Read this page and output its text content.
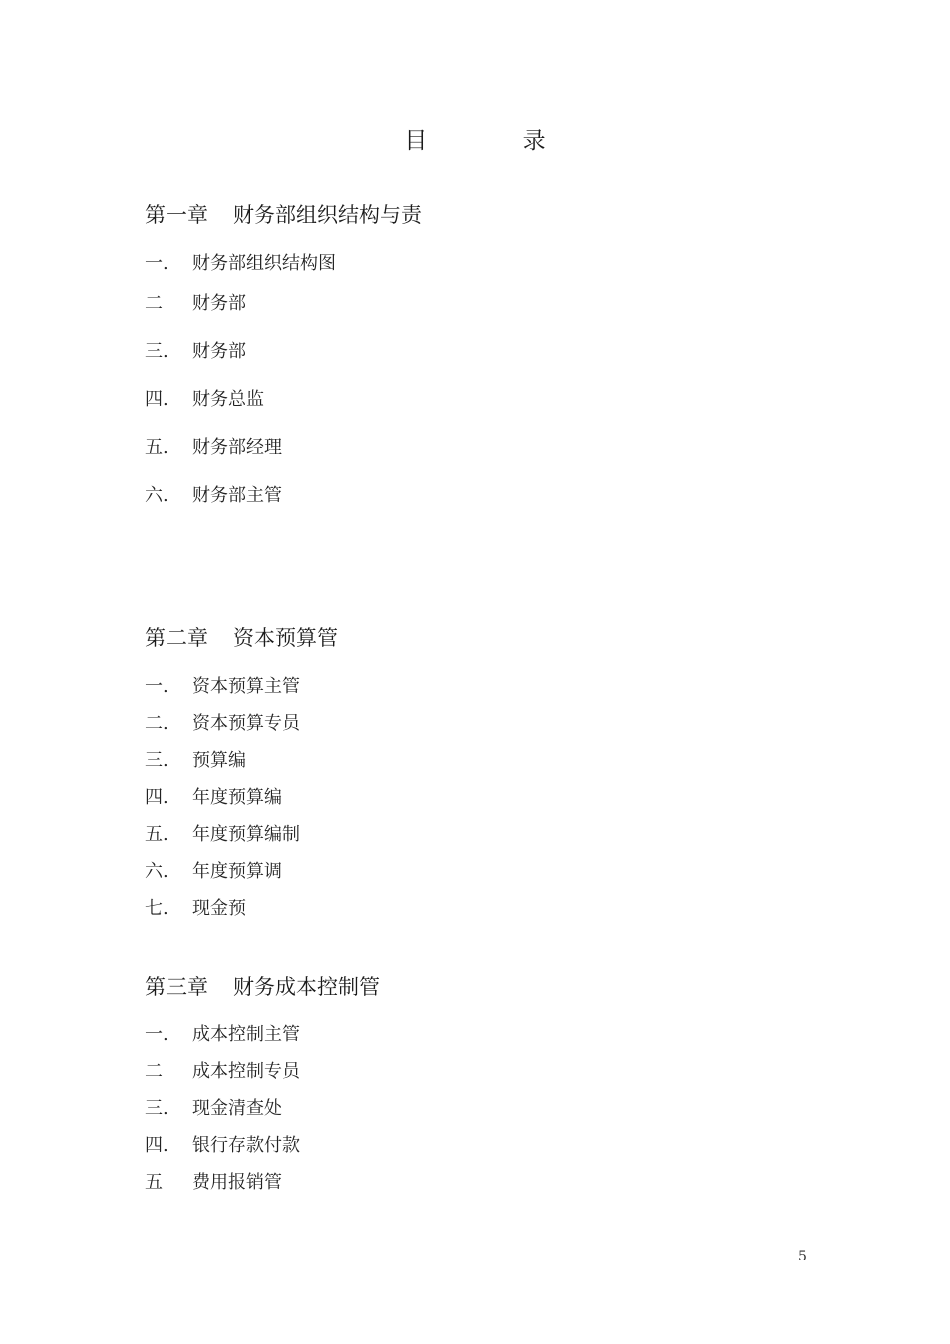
目 录
第一章 财务部组织结构与责
一. 财务部组织结构图
二 财务部
三. 财务部
四. 财务总监
五. 财务部经理
六. 财务部主管
第二章 资本预算管
一. 资本预算主管
二. 资本预算专员
三. 预算编
四. 年度预算编
五. 年度预算编制
六. 年度预算调
七. 现金预
第三章 财务成本控制管
一. 成本控制主管
二 成本控制专员
三. 现金清查处
四. 银行存款付款
五 费用报销管
5
